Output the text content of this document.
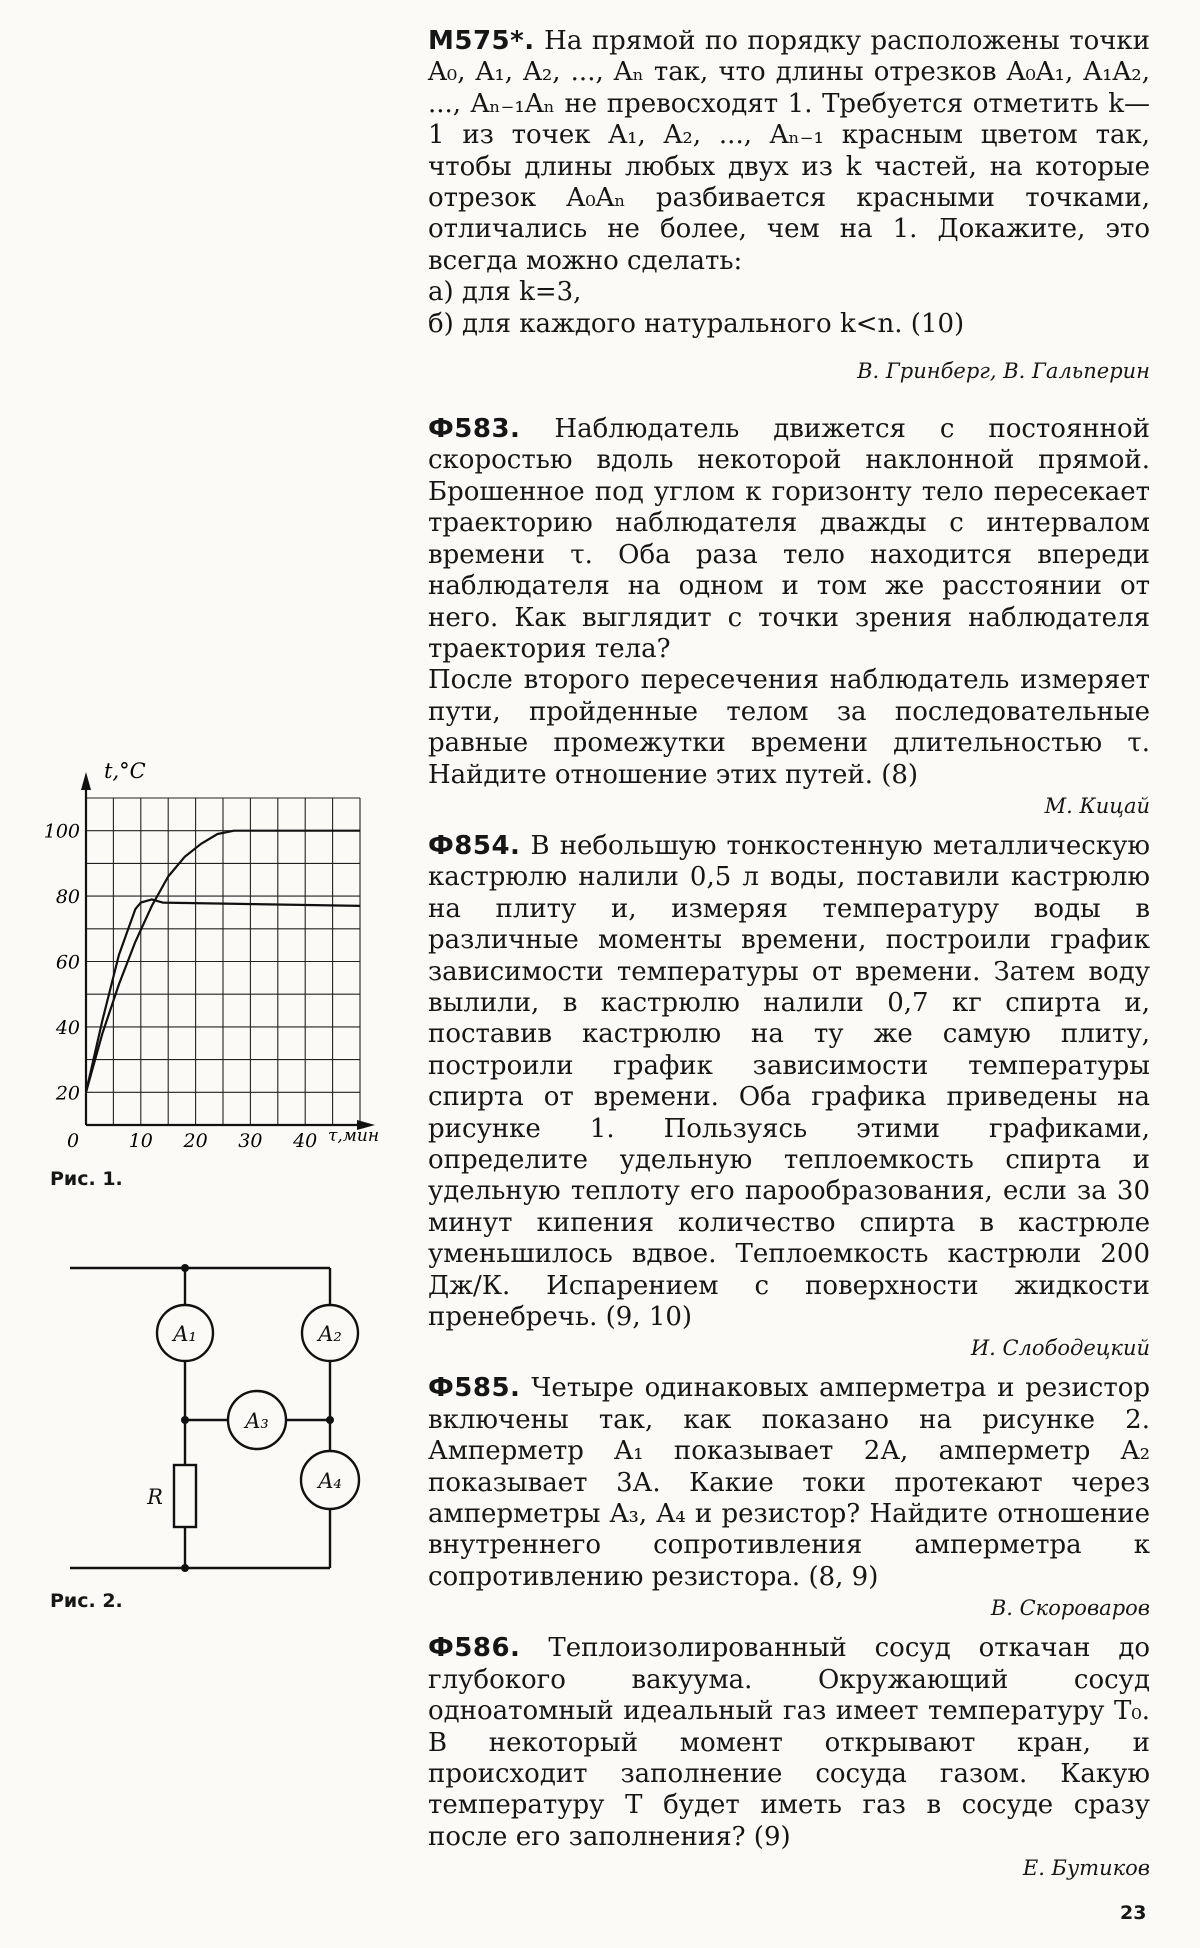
М575*. На прямой по порядку расположены точки A₀, A₁, A₂, ..., Aₙ так, что длины отрезков A₀A₁, A₁A₂, ..., Aₙ₋₁Aₙ не превосходят 1. Требуется отметить k—1 из точек A₁, A₂, ..., Aₙ₋₁ красным цветом так, чтобы длины любых двух из k частей, на которые отрезок A₀Aₙ разбивается красными точками, отличались не более, чем на 1. Докажите, это всегда можно сделать:

а) для k=3,

б) для каждого натурального k<n. (10)

В. Гринберг, В. Гальперин

Ф583. Наблюдатель движется с постоянной скоростью вдоль некоторой наклонной прямой. Брошенное под углом к горизонту тело пересекает траекторию наблюдателя дважды с интервалом времени τ. Оба раза тело находится впереди наблюдателя на одном и том же расстоянии от него. Как выглядит с точки зрения наблюдателя траектория тела?

После второго пересечения наблюдатель измеряет пути, пройденные телом за последовательные равные промежутки времени длительностью τ. Найдите отношение этих путей. (8)

М. Кицай

Ф854. В небольшую тонкостенную металлическую кастрюлю налили 0,5 л воды, поставили кастрюлю на плиту и, измеряя температуру воды в различные моменты времени, построили график зависимости температуры от времени. Затем воду вылили, в кастрюлю налили 0,7 кг спирта и, поставив кастрюлю на ту же самую плиту, построили график зависимости температуры спирта от времени. Оба графика приведены на рисунке 1. Пользуясь этими графиками, определите удельную теплоемкость спирта и удельную теплоту его парообразования, если за 30 минут кипения количество спирта в кастрюле уменьшилось вдвое. Теплоемкость кастрюли 200 Дж/К. Испарением с поверхности жидкости пренебречь. (9, 10)

И. Слободецкий

Ф585. Четыре одинаковых амперметра и резистор включены так, как показано на рисунке 2. Амперметр A₁ показывает 2А, амперметр A₂ показывает 3А. Какие токи протекают через амперметры A₃, A₄ и резистор? Найдите отношение внутреннего сопротивления амперметра к сопротивлению резистора. (8, 9)

В. Скороваров

Ф586. Теплоизолированный сосуд откачан до глубокого вакуума. Окружающий сосуд одноатомный идеальный газ имеет температуру T₀. В некоторый момент открывают кран, и происходит заполнение сосуда газом. Какую температуру T будет иметь газ в сосуде сразу после его заполнения? (9)

Е. Бутиков

20
40
60
80
100
0	10 20 30 40
t,°C
τ,мин
Рис. 1.
A₁	A₂
A₃
A₄
R
Рис. 2.
23
